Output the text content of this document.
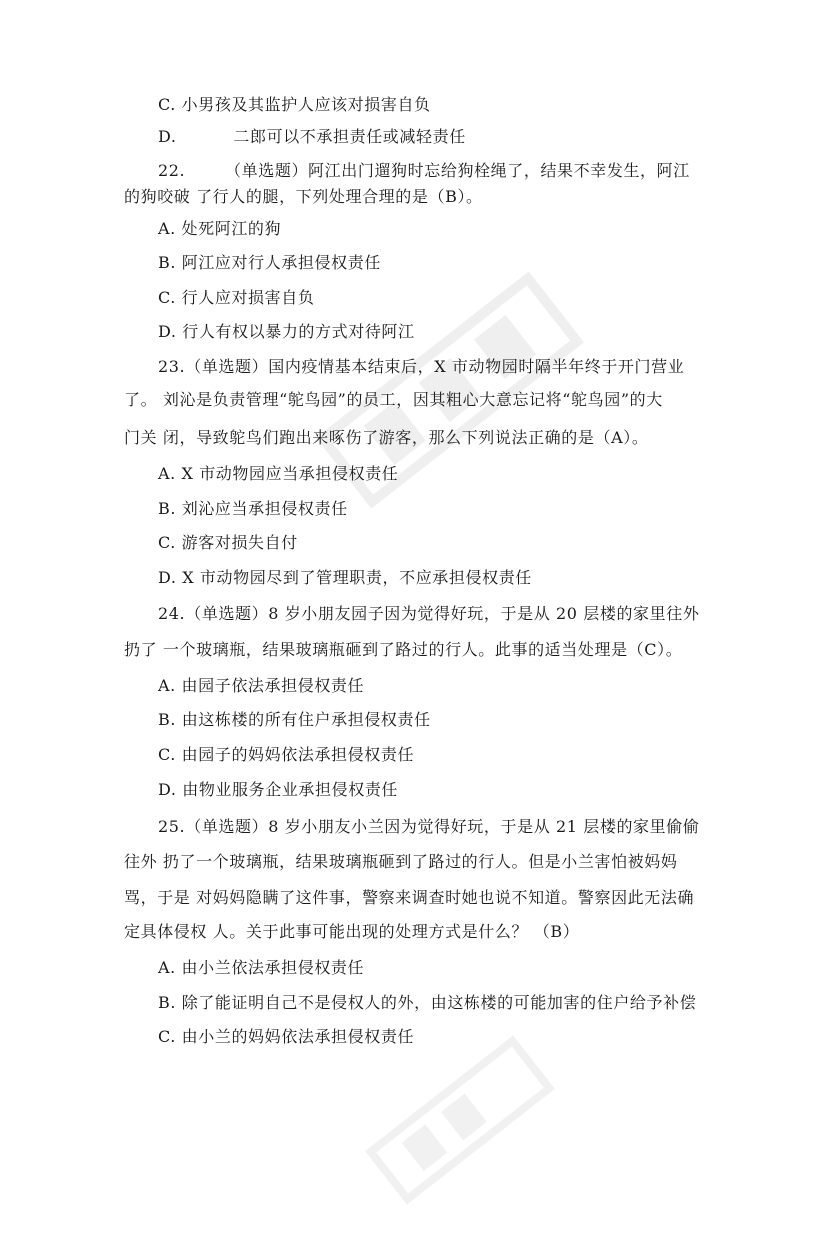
C. 小男孩及其监护人应该对损害自负
D.          二郎可以不承担责任或减轻责任
22.       （单选题）阿江出门遛狗时忘给狗栓绳了，结果不幸发生，阿江
的狗咬破 了行人的腿，下列处理合理的是（B）。
A. 处死阿江的狗
B. 阿江应对行人承担侵权责任
C. 行人应对损害自负
D. 行人有权以暴力的方式对待阿江
23.（单选题）国内疫情基本结束后，X 市动物园时隔半年终于开门营业
了。 刘沁是负责管理“鸵鸟园”的员工，因其粗心大意忘记将“鸵鸟园”的大
门关 闭，导致鸵鸟们跑出来啄伤了游客，那么下列说法正确的是（A）。
A. X 市动物园应当承担侵权责任
B. 刘沁应当承担侵权责任
C. 游客对损失自付
D. X 市动物园尽到了管理职责，不应承担侵权责任
24.（单选题）8 岁小朋友园子因为觉得好玩，于是从 20 层楼的家里往外
扔了 一个玻璃瓶，结果玻璃瓶砸到了路过的行人。此事的适当处理是（C）。
A. 由园子依法承担侵权责任
B. 由这栋楼的所有住户承担侵权责任
C. 由园子的妈妈依法承担侵权责任
D. 由物业服务企业承担侵权责任
25.（单选题）8 岁小朋友小兰因为觉得好玩，于是从 21 层楼的家里偷偷
往外 扔了一个玻璃瓶，结果玻璃瓶砸到了路过的行人。但是小兰害怕被妈妈
骂，于是 对妈妈隐瞒了这件事，警察来调查时她也说不知道。警察因此无法确
定具体侵权 人。关于此事可能出现的处理方式是什么？ （B）
A. 由小兰依法承担侵权责任
B. 除了能证明自己不是侵权人的外，由这栋楼的可能加害的住户给予补偿
C. 由小兰的妈妈依法承担侵权责任
